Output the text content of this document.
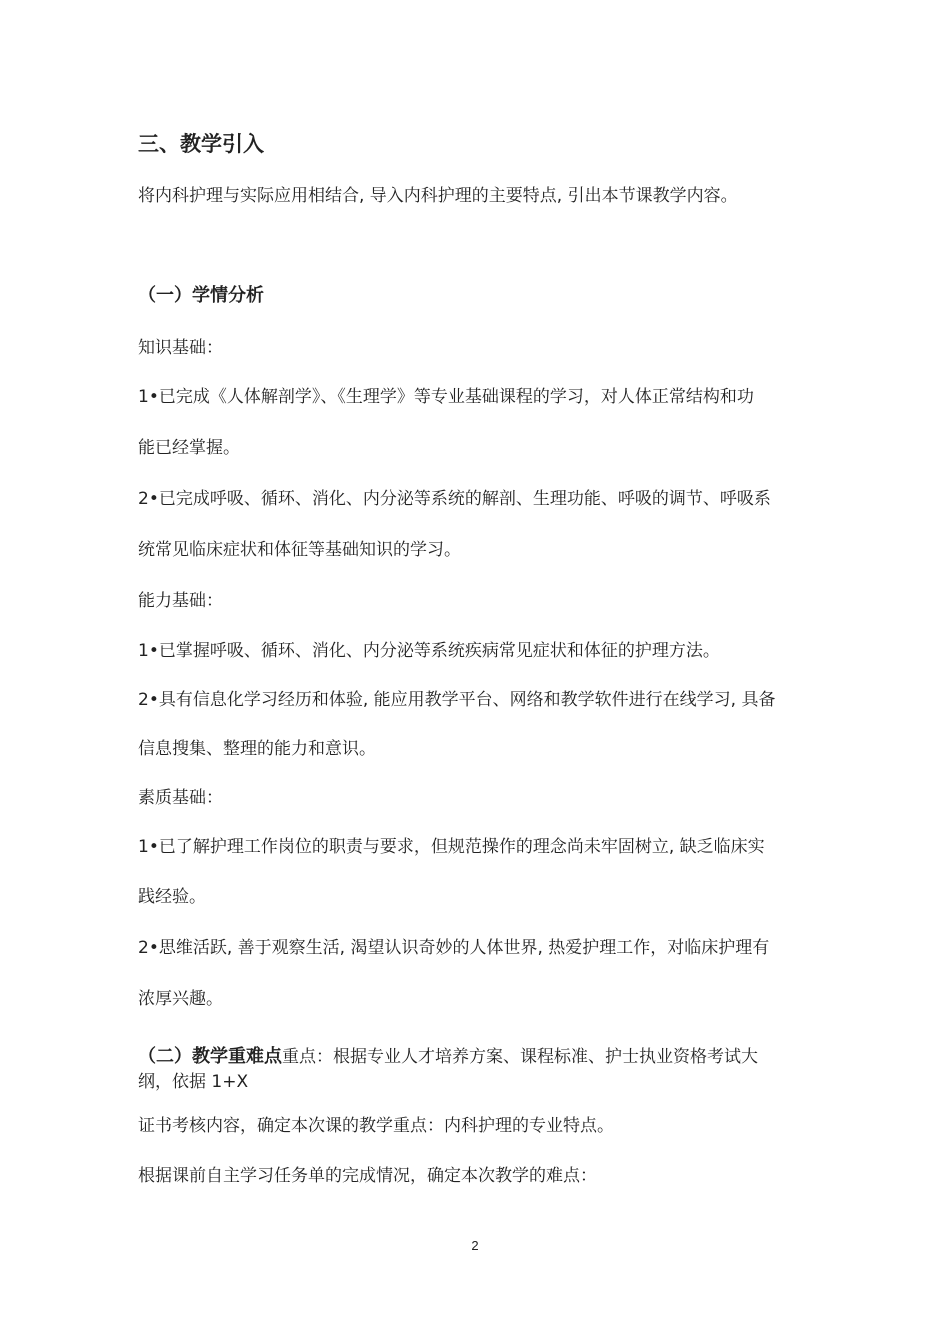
三、教学引入
将内科护理与实际应用相结合, 导入内科护理的主要特点, 引出本节课教学内容。
（一）学情分析
知识基础：
1•已完成《人体解剖学》、《生理学》等专业基础课程的学习，对人体正常结构和功
能已经掌握。
2•已完成呼吸、循环、消化、内分泌等系统的解剖、生理功能、呼吸的调节、呼吸系
统常见临床症状和体征等基础知识的学习。
能力基础：
1•已掌握呼吸、循环、消化、内分泌等系统疾病常见症状和体征的护理方法。
2•具有信息化学习经历和体验, 能应用教学平台、网络和教学软件进行在线学习, 具备
信息搜集、整理的能力和意识。
素质基础：
1•已了解护理工作岗位的职责与要求，但规范操作的理念尚未牢固树立, 缺乏临床实
践经验。
2•思维活跃, 善于观察生活, 渴望认识奇妙的人体世界, 热爱护理工作，对临床护理有
浓厚兴趣。
（二）教学重难点重点：根据专业人才培养方案、课程标准、护士执业资格考试大
纲，依据 1+X
证书考核内容，确定本次课的教学重点：内科护理的专业特点。
根据课前自主学习任务单的完成情况，确定本次教学的难点：
2
